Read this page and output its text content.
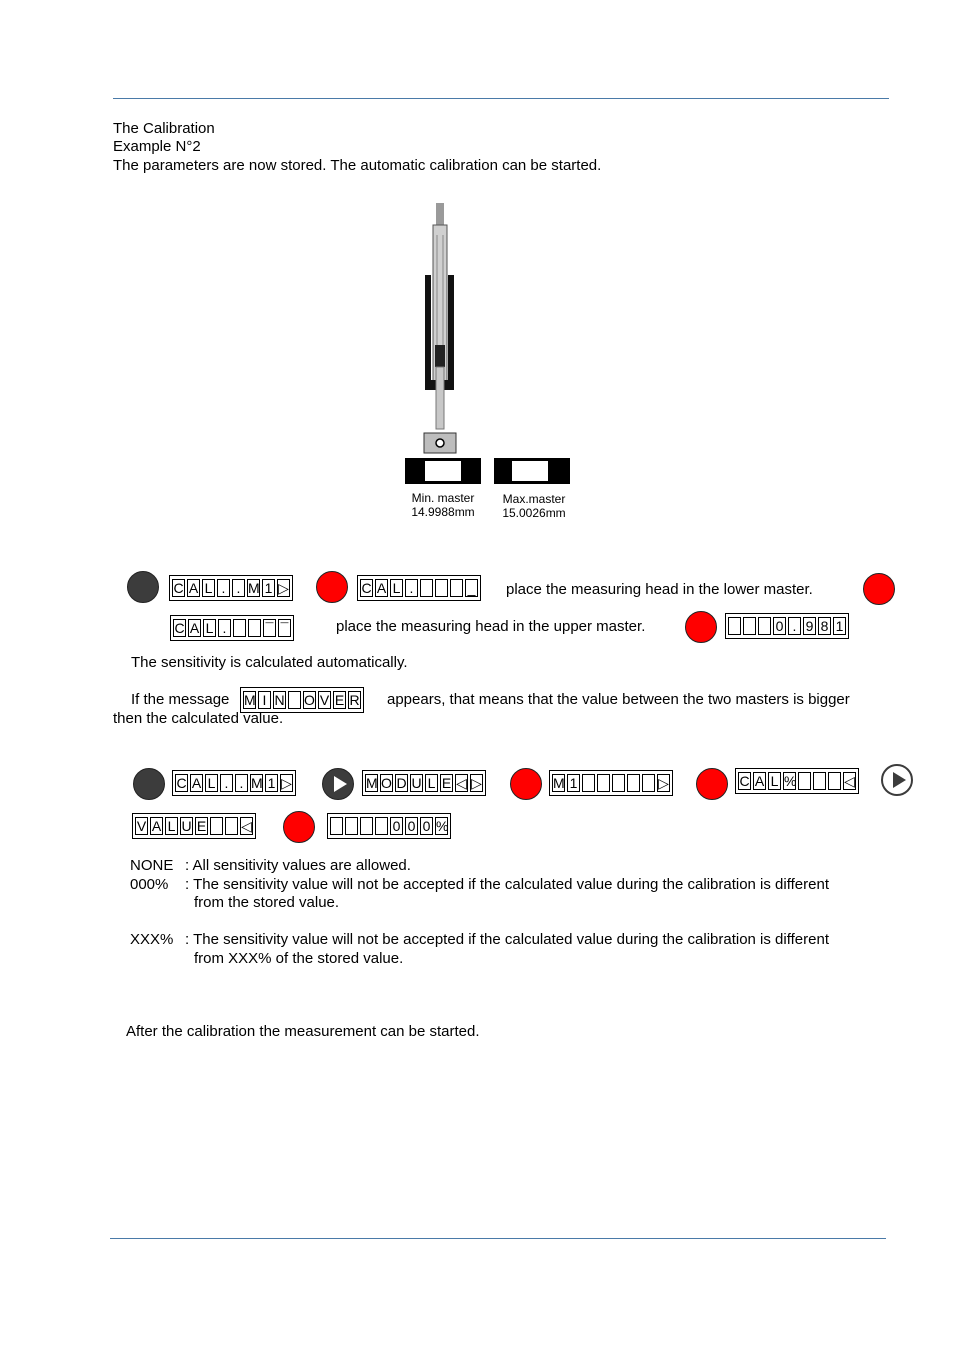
The Calibration
Example N°2
The parameters are now stored. The automatic calibration can be started.
Min. master
14.9988mm
Max.master
15.0026mm
C A L . . M 1 ▷	C A L .	_ place the measuring head in the lower master.
C A L .	¯ ¯	place the measuring head in the upper master.	0 . 9 8 1
The sensitivity is calculated automatically.
If the message M I N O V E R appears, that means that the value between the two masters is bigger
then the calculated value.
C A L . . M 1 ▷	M O D U L E ◁ ▷	M 1	▷	C A L %	◁
V A L U E ◁	0 0 0 %
NONE : All sensitivity values are allowed.
000% : The sensitivity value will not be accepted if the calculated value during the calibration is different
from the stored value.
XXX% : The sensitivity value will not be accepted if the calculated value during the calibration is different
from XXX% of the stored value.
After the calibration the measurement can be started.
